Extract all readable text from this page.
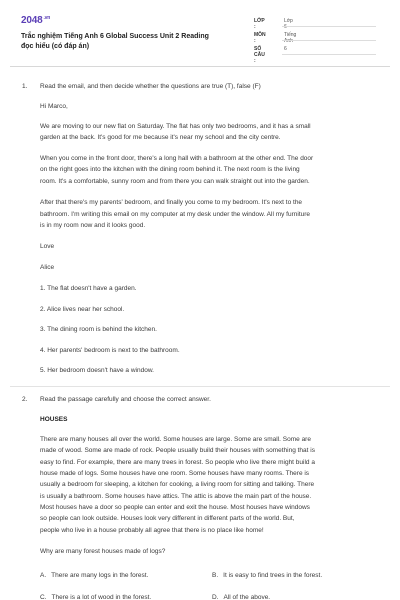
$2048^{.vn}$
Trắc nghiệm Tiếng Anh 6 Global Success Unit 2 Reading
đọc hiểu (có đáp án)
LỚP :
Lớp 6
MÔN :
Tiếng Anh
SỐ CÂU :
6
1. Read the email, and then decide whether the questions are true (T), false (F)
Hi Marco,
We are moving to our new flat on Saturday. The flat has only two bedrooms, and it has a small
garden at the back. It's good for me because it's near my school and the city centre.
When you come in the front door, there's a long hall with a bathroom at the other end. The door
on the right goes into the kitchen with the dining room behind it. The next room is the living
room. It's a comfortable, sunny room and from there you can walk straight out into the garden.
After that there's my parents' bedroom, and finally you come to my bedroom. It's next to the
bathroom. I'm writing this email on my computer at my desk under the window. All my furniture
is in my room now and it looks good.
Love
Alice
1. The flat doesn't have a garden.
2. Alice lives near her school.
3. The dining room is behind the kitchen.
4. Her parents' bedroom is next to the bathroom.
5. Her bedroom doesn't have a window.
2. Read the passage carefully and choose the correct answer.
HOUSES
There are many houses all over the world. Some houses are large. Some are small. Some are
made of wood. Some are made of rock. People usually build their houses with something that is
easy to find. For example, there are many trees in forest. So people who live there might build a
house made of logs. Some houses have one room. Some houses have many rooms. There is
usually a bedroom for sleeping, a kitchen for cooking, a living room for sitting and talking. There
is usually a bathroom. Some houses have attics. The attic is above the main part of the house.
Most houses have a door so people can enter and exit the house. Most houses have windows
so people can look outside. Houses look very different in different parts of the world. But,
people who live in a house probably all agree that there is no place like home!
Why are many forest houses made of logs?
A. There are many logs in the forest.	B. It is easy to find trees in the forest.
C. There is a lot of wood in the forest.	D. All of the above.
